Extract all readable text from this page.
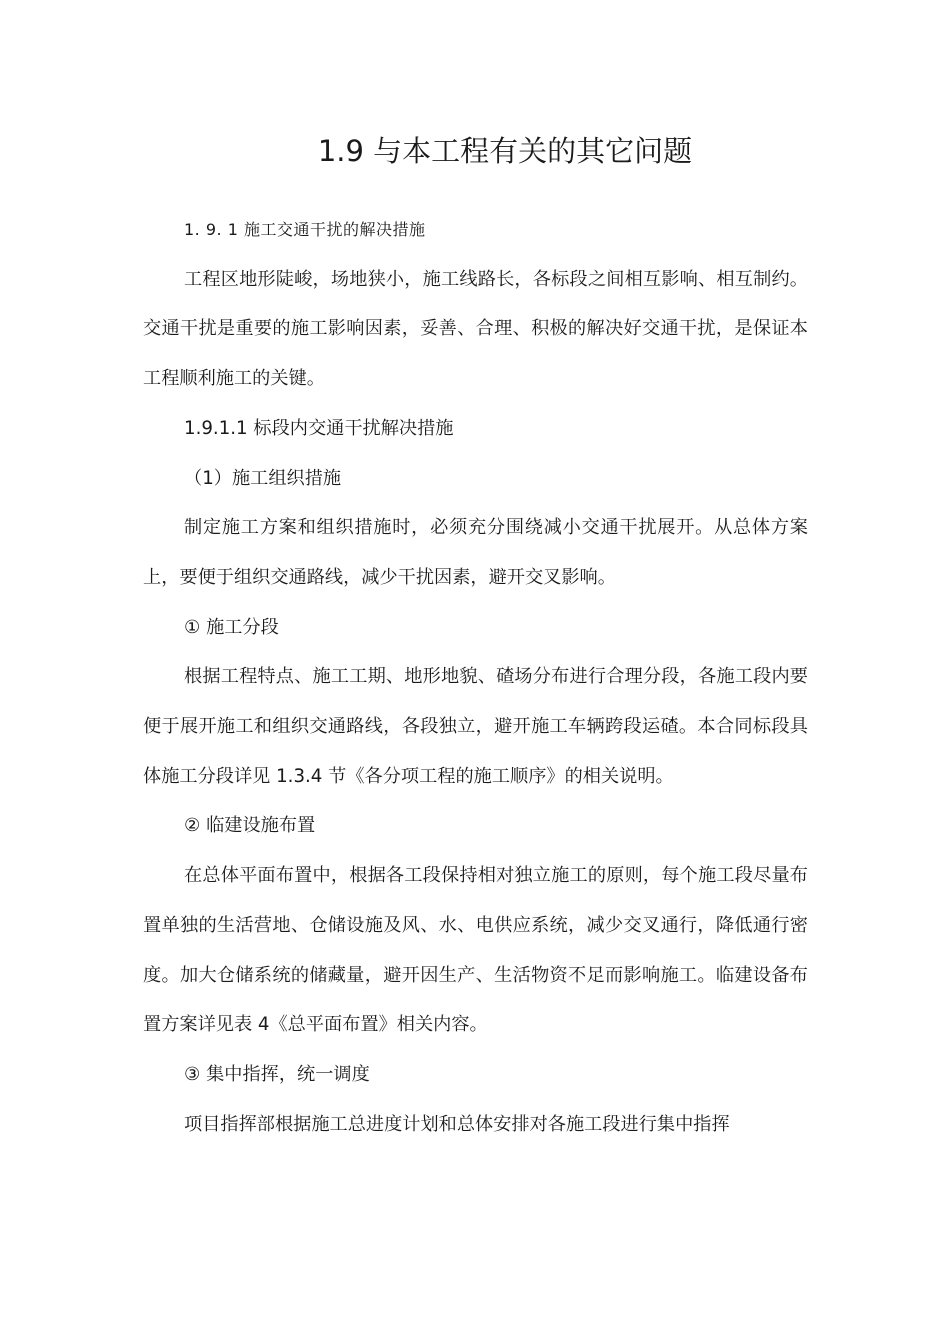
1.9 与本工程有关的其它问题

1. 9. 1 施工交通干扰的解决措施

工程区地形陡峻，场地狭小，施工线路长，各标段之间相互影响、相互制约。交通干扰是重要的施工影响因素，妥善、合理、积极的解决好交通干扰，是保证本工程顺利施工的关键。

1.9.1.1 标段内交通干扰解决措施

（1）施工组织措施

制定施工方案和组织措施时，必须充分围绕减小交通干扰展开。从总体方案上，要便于组织交通路线，减少干扰因素，避开交叉影响。

① 施工分段

根据工程特点、施工工期、地形地貌、碴场分布进行合理分段，各施工段内要便于展开施工和组织交通路线，各段独立，避开施工车辆跨段运碴。本合同标段具体施工分段详见 1.3.4 节《各分项工程的施工顺序》的相关说明。

② 临建设施布置

在总体平面布置中，根据各工段保持相对独立施工的原则，每个施工段尽量布置单独的生活营地、仓储设施及风、水、电供应系统，减少交叉通行，降低通行密度。加大仓储系统的储藏量，避开因生产、生活物资不足而影响施工。临建设备布置方案详见表 4《总平面布置》相关内容。

③ 集中指挥，统一调度

项目指挥部根据施工总进度计划和总体安排对各施工段进行集中指挥
